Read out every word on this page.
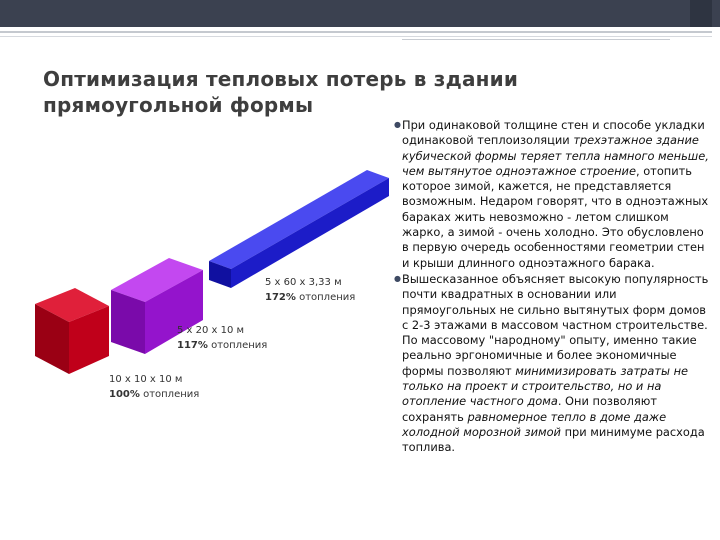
Оптимизация тепловых потерь в здании
прямоугольной формы
5 x 60 x 3,33 м
172% отопления
5 x 20 x 10 м
117% отопления
10 x 10 x 10 м
100% отопления
● При одинаковой толщине стен и способе укладки одинаковой теплоизоляции трехэтажное здание кубической формы теряет тепла намного меньше, чем вытянутое одноэтажное строение, отопить которое зимой, кажется, не представляется возможным. Недаром говорят, что в одноэтажных бараках жить невозможно - летом слишком жарко, а зимой - очень холодно. Это обусловлено в первую очередь особенностями геометрии стен и крыши длинного одноэтажного барака.
● Вышесказанное объясняет высокую популярность почти квадратных в основании или прямоугольных не сильно вытянутых форм домов с 2-3 этажами в массовом частном строительстве. По массовому "народному" опыту, именно такие реально эргономичные и более экономичные формы позволяют минимизировать затраты не только на проект и строительство, но и на отопление частного дома. Они позволяют сохранять равномерное тепло в доме даже холодной морозной зимой при минимуме расхода топлива.
